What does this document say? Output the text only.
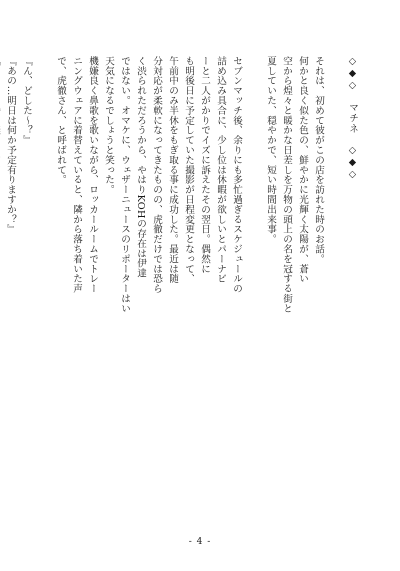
◇◆◇　マチネ　◇◆◇
それは、初めて彼がこの店を訪れた時のお話。
何かと良く似た色の、鮮やかに光輝く太陽が、蒼い
空から煌々と暖かな日差しを万物の頭上の名を冠する街と
夏していた、穏やかで、短い時間出来事。
セブンマッチ後、余りにも多忙過ぎるスケジュールの
詰め込み具合に、少し位は休暇が欲しいとパーナビ
ーと二人がかりでイズに訴えたその翌日。偶然に
も明後日に予定していた撮影が日程変更となって、
午前中のみ半休をもぎ取る事に成功した。最近は随
分対応が柔軟になってきたものの、虎徹だけでは恐ら
く渋られただろうから、やはりKOHの存在は伊達
ではない。オマケに、ウェザーニュースのリポーターはい
天気になるでしょうと笑った。
機嫌良く鼻歌を歌いながら、ロッカールームでトレー
ニングウェアに着替えていると、隣から落ち着いた声
で、虎徹さん、と呼ばれて。
『ん、どした〜？』
『あの…明日は何か予定有りますか？』
- 4 -
